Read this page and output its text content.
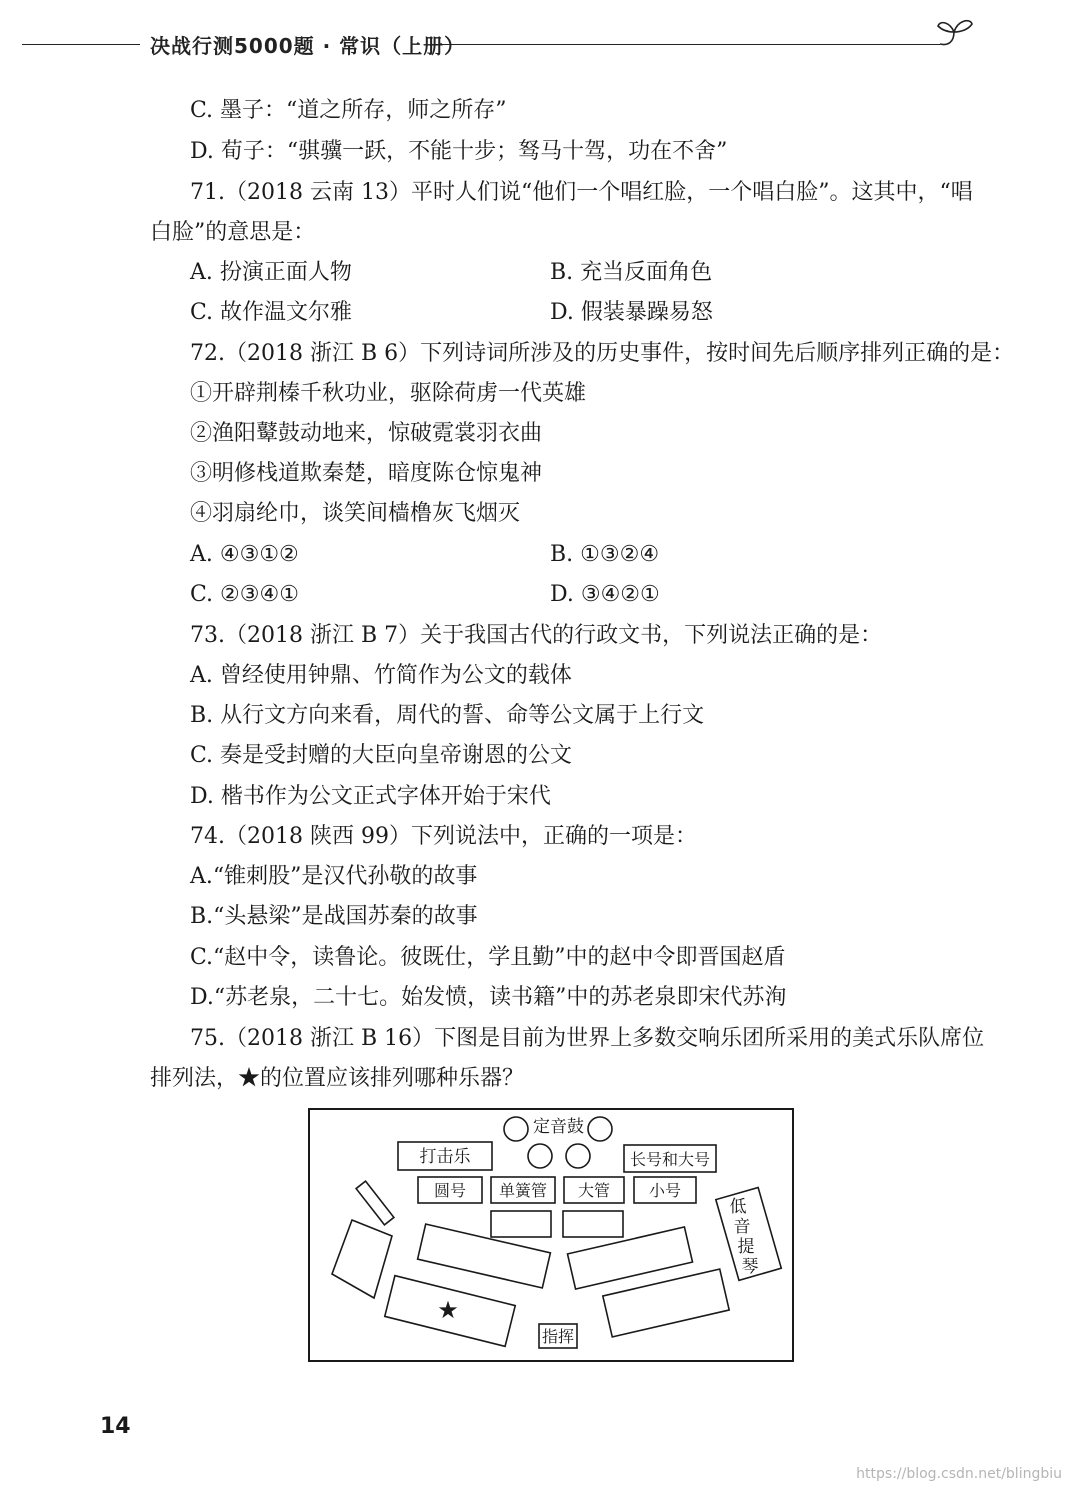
决战行测5000题 · 常识（上册）
C. 墨子：“道之所存，师之所存”
D. 荀子：“骐骥一跃，不能十步；驽马十驾，功在不舍”
71.（2018 云南 13）平时人们说“他们一个唱红脸，一个唱白脸”。这其中，“唱
白脸”的意思是：
A. 扮演正面人物	B. 充当反面角色
C. 故作温文尔雅	D. 假装暴躁易怒
72.（2018 浙江 B 6）下列诗词所涉及的历史事件，按时间先后顺序排列正确的是：
①开辟荆榛千秋功业，驱除荷虏一代英雄
②渔阳鼙鼓动地来，惊破霓裳羽衣曲
③明修栈道欺秦楚，暗度陈仓惊鬼神
④羽扇纶巾，谈笑间樯橹灰飞烟灭
A. ④③①②	B. ①③②④
C. ②③④①	D. ③④②①
73.（2018 浙江 B 7）关于我国古代的行政文书，下列说法正确的是：
A. 曾经使用钟鼎、竹简作为公文的载体
B. 从行文方向来看，周代的誓、命等公文属于上行文
C. 奏是受封赠的大臣向皇帝谢恩的公文
D. 楷书作为公文正式字体开始于宋代
74.（2018 陕西 99）下列说法中，正确的一项是：
A.“锥刺股”是汉代孙敬的故事
B.“头悬梁”是战国苏秦的故事
C.“赵中令，读鲁论。彼既仕，学且勤”中的赵中令即晋国赵盾
D.“苏老泉，二十七。始发愤，读书籍”中的苏老泉即宋代苏洵
75.（2018 浙江 B 16）下图是目前为世界上多数交响乐团所采用的美式乐队席位
排列法，★的位置应该排列哪种乐器？
定音鼓
打击乐	长号和大号
圆号 单簧管 大管 小号
低
音
提
琴
★
指挥
14
https://blog.csdn.net/blingbiu
